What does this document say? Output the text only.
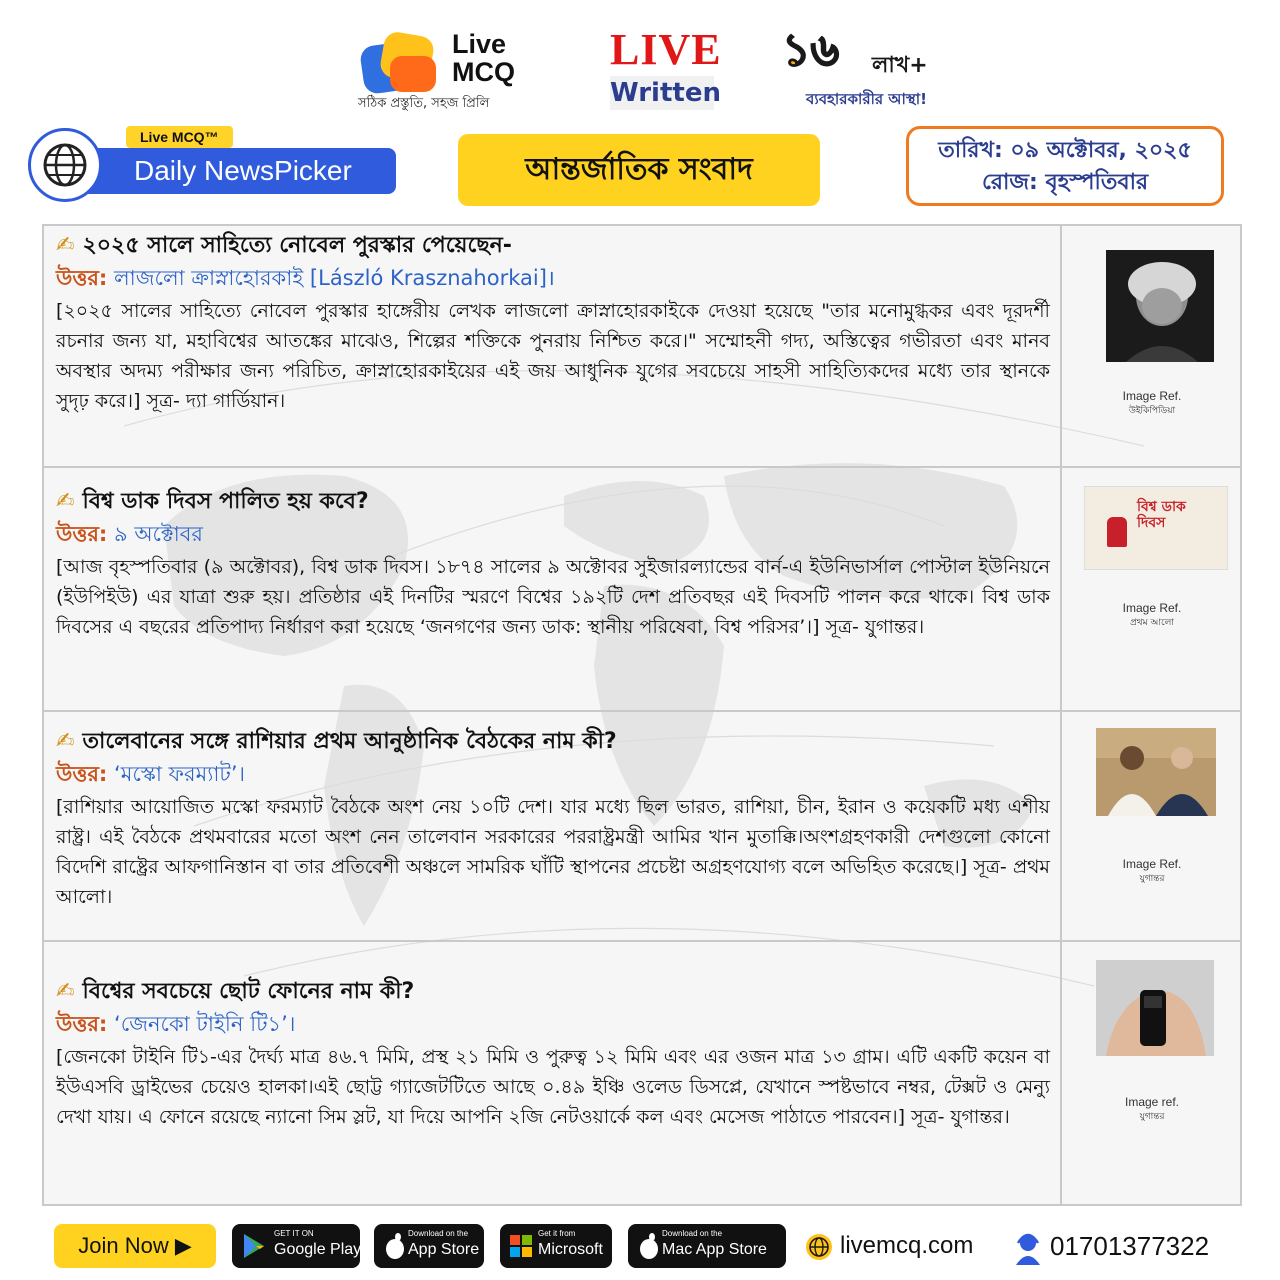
Live
MCQ
সঠিক প্রস্তুতি, সহজ প্রিলি
LIVE
Written
১৬ লাখ+
ব্যবহারকারীর আস্থা!
Live MCQ™
Daily NewsPicker	আন্তর্জাতিক সংবাদ
তারিখ: ০৯ অক্টোবর, ২০২৫
রোজ: বৃহস্পতিবার
✍ ২০২৫ সালে সাহিত্যে নোবেল পুরস্কার পেয়েছেন-
উত্তর: লাজলো ক্রাস্নাহোরকাই [László Krasznahorkai]।
[২০২৫ সালের সাহিত্যে নোবেল পুরস্কার হাঙ্গেরীয় লেখক লাজলো ক্রাস্নাহোরকাইকে দেওয়া হয়েছে "তার মনোমুগ্ধকর এবং দূরদর্শী রচনার জন্য যা, মহাবিশ্বের আতঙ্কের মাঝেও, শিল্পের শক্তিকে পুনরায় নিশ্চিত করে।" সম্মোহনী গদ্য, অস্তিত্বের গভীরতা এবং মানব অবস্থার অদম্য পরীক্ষার জন্য পরিচিত, ক্রাস্নাহোরকাইয়ের এই জয় আধুনিক যুগের সবচেয়ে সাহসী সাহিত্যিকদের মধ্যে তার স্থানকে সুদৃঢ় করে।] সূত্র- দ্যা গার্ডিয়ান।	Image Ref.
উইকিপিডিয়া
✍ বিশ্ব ডাক দিবস পালিত হয় কবে?
উত্তর: ৯ অক্টোবর
[আজ বৃহস্পতিবার (৯ অক্টোবর), বিশ্ব ডাক দিবস। ১৮৭৪ সালের ৯ অক্টোবর সুইজারল্যান্ডের বার্ন-এ ইউনিভার্সাল পোস্টাল ইউনিয়নে (ইউপিইউ) এর যাত্রা শুরু হয়। প্রতিষ্ঠার এই দিনটির স্মরণে বিশ্বের ১৯২টি দেশ প্রতিবছর এই দিবসটি পালন করে থাকে। বিশ্ব ডাক দিবসের এ বছরের প্রতিপাদ্য নির্ধারণ করা হয়েছে ‘জনগণের জন্য ডাক: স্থানীয় পরিষেবা, বিশ্ব পরিসর’।] সূত্র- যুগান্তর।
বিশ্ব ডাক দিবস
Image Ref.
প্রথম আলো
✍ তালেবানের সঙ্গে রাশিয়ার প্রথম আনুষ্ঠানিক বৈঠকের নাম কী?
উত্তর: ‘মস্কো ফরম্যাট’।
[রাশিয়ার আয়োজিত মস্কো ফরম্যাট বৈঠকে অংশ নেয় ১০টি দেশ। যার মধ্যে ছিল ভারত, রাশিয়া, চীন, ইরান ও কয়েকটি মধ্য এশীয় রাষ্ট্র। এই বৈঠকে প্রথমবারের মতো অংশ নেন তালেবান সরকারের পররাষ্ট্রমন্ত্রী আমির খান মুতাক্কি।অংশগ্রহণকারী দেশগুলো কোনো বিদেশি রাষ্ট্রের আফগানিস্তান বা তার প্রতিবেশী অঞ্চলে সামরিক ঘাঁটি স্থাপনের প্রচেষ্টা অগ্রহণযোগ্য বলে অভিহিত করেছে।] সূত্র- প্রথম আলো।
Image Ref.
যুগান্তর
✍ বিশ্বের সবচেয়ে ছোট ফোনের নাম কী?
উত্তর: ‘জেনকো টাইনি টি১’।
[জেনকো টাইনি টি১-এর দৈর্ঘ্য মাত্র ৪৬.৭ মিমি, প্রস্থ ২১ মিমি ও পুরুত্ব ১২ মিমি এবং এর ওজন মাত্র ১৩ গ্রাম। এটি একটি কয়েন বা ইউএসবি ড্রাইভের চেয়েও হালকা।এই ছোট্ট গ্যাজেটটিতে আছে ০.৪৯ ইঞ্চি ওলেড ডিসপ্লে, যেখানে স্পষ্টভাবে নম্বর, টেক্সট ও মেন্যু দেখা যায়। এ ফোনে রয়েছে ন্যানো সিম স্লট, যা দিয়ে আপনি ২জি নেটওয়ার্কে কল এবং মেসেজ পাঠাতে পারবেন।] সূত্র- যুগান্তর।
Image ref.
যুগান্তর
Join Now ▶	GET IT ON
Google Play
Download on the
App Store
Get it from
Microsoft
Download on the
Mac App Store	livemcq.com	01701377322
